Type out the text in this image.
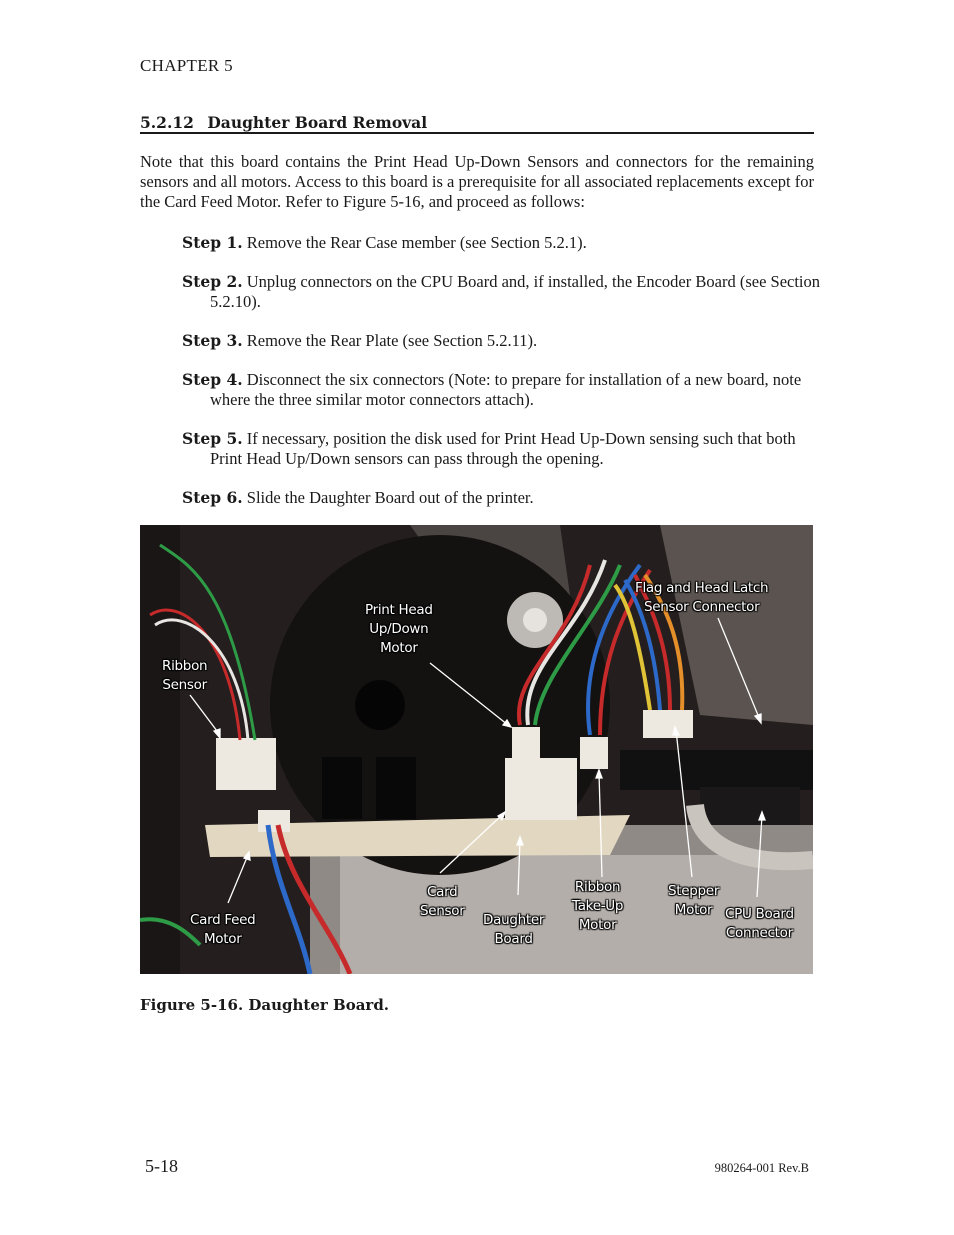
CHAPTER 5
5.2.12 Daughter Board Removal

Note that this board contains the Print Head Up-Down Sensors and connectors for the remaining sensors and all motors. Access to this board is a prerequisite for all associated replacements except for the Card Feed Motor. Refer to Figure 5-16, and proceed as follows:

Step 1. Remove the Rear Case member (see Section 5.2.1).

Step 2. Unplug connectors on the CPU Board and, if installed, the Encoder Board (see Section 5.2.10).

Step 3. Remove the Rear Plate (see Section 5.2.11).

Step 4. Disconnect the six connectors (Note: to prepare for installation of a new board, note where the three similar motor connectors attach).

Step 5. If necessary, position the disk used for Print Head Up-Down sensing such that both Print Head Up/Down sensors can pass through the opening.

Step 6. Slide the Daughter Board out of the printer.

Flag and Head Latch
Sensor Connector
Print Head
Up/Down
Motor
Ribbon
Sensor
Card
Sensor
Daughter
Board
Ribbon
Take-Up
Motor
Stepper
Motor CPU Board
Connector
Card Feed
Motor
Figure 5-16. Daughter Board.
5-18	980264-001 Rev.B
